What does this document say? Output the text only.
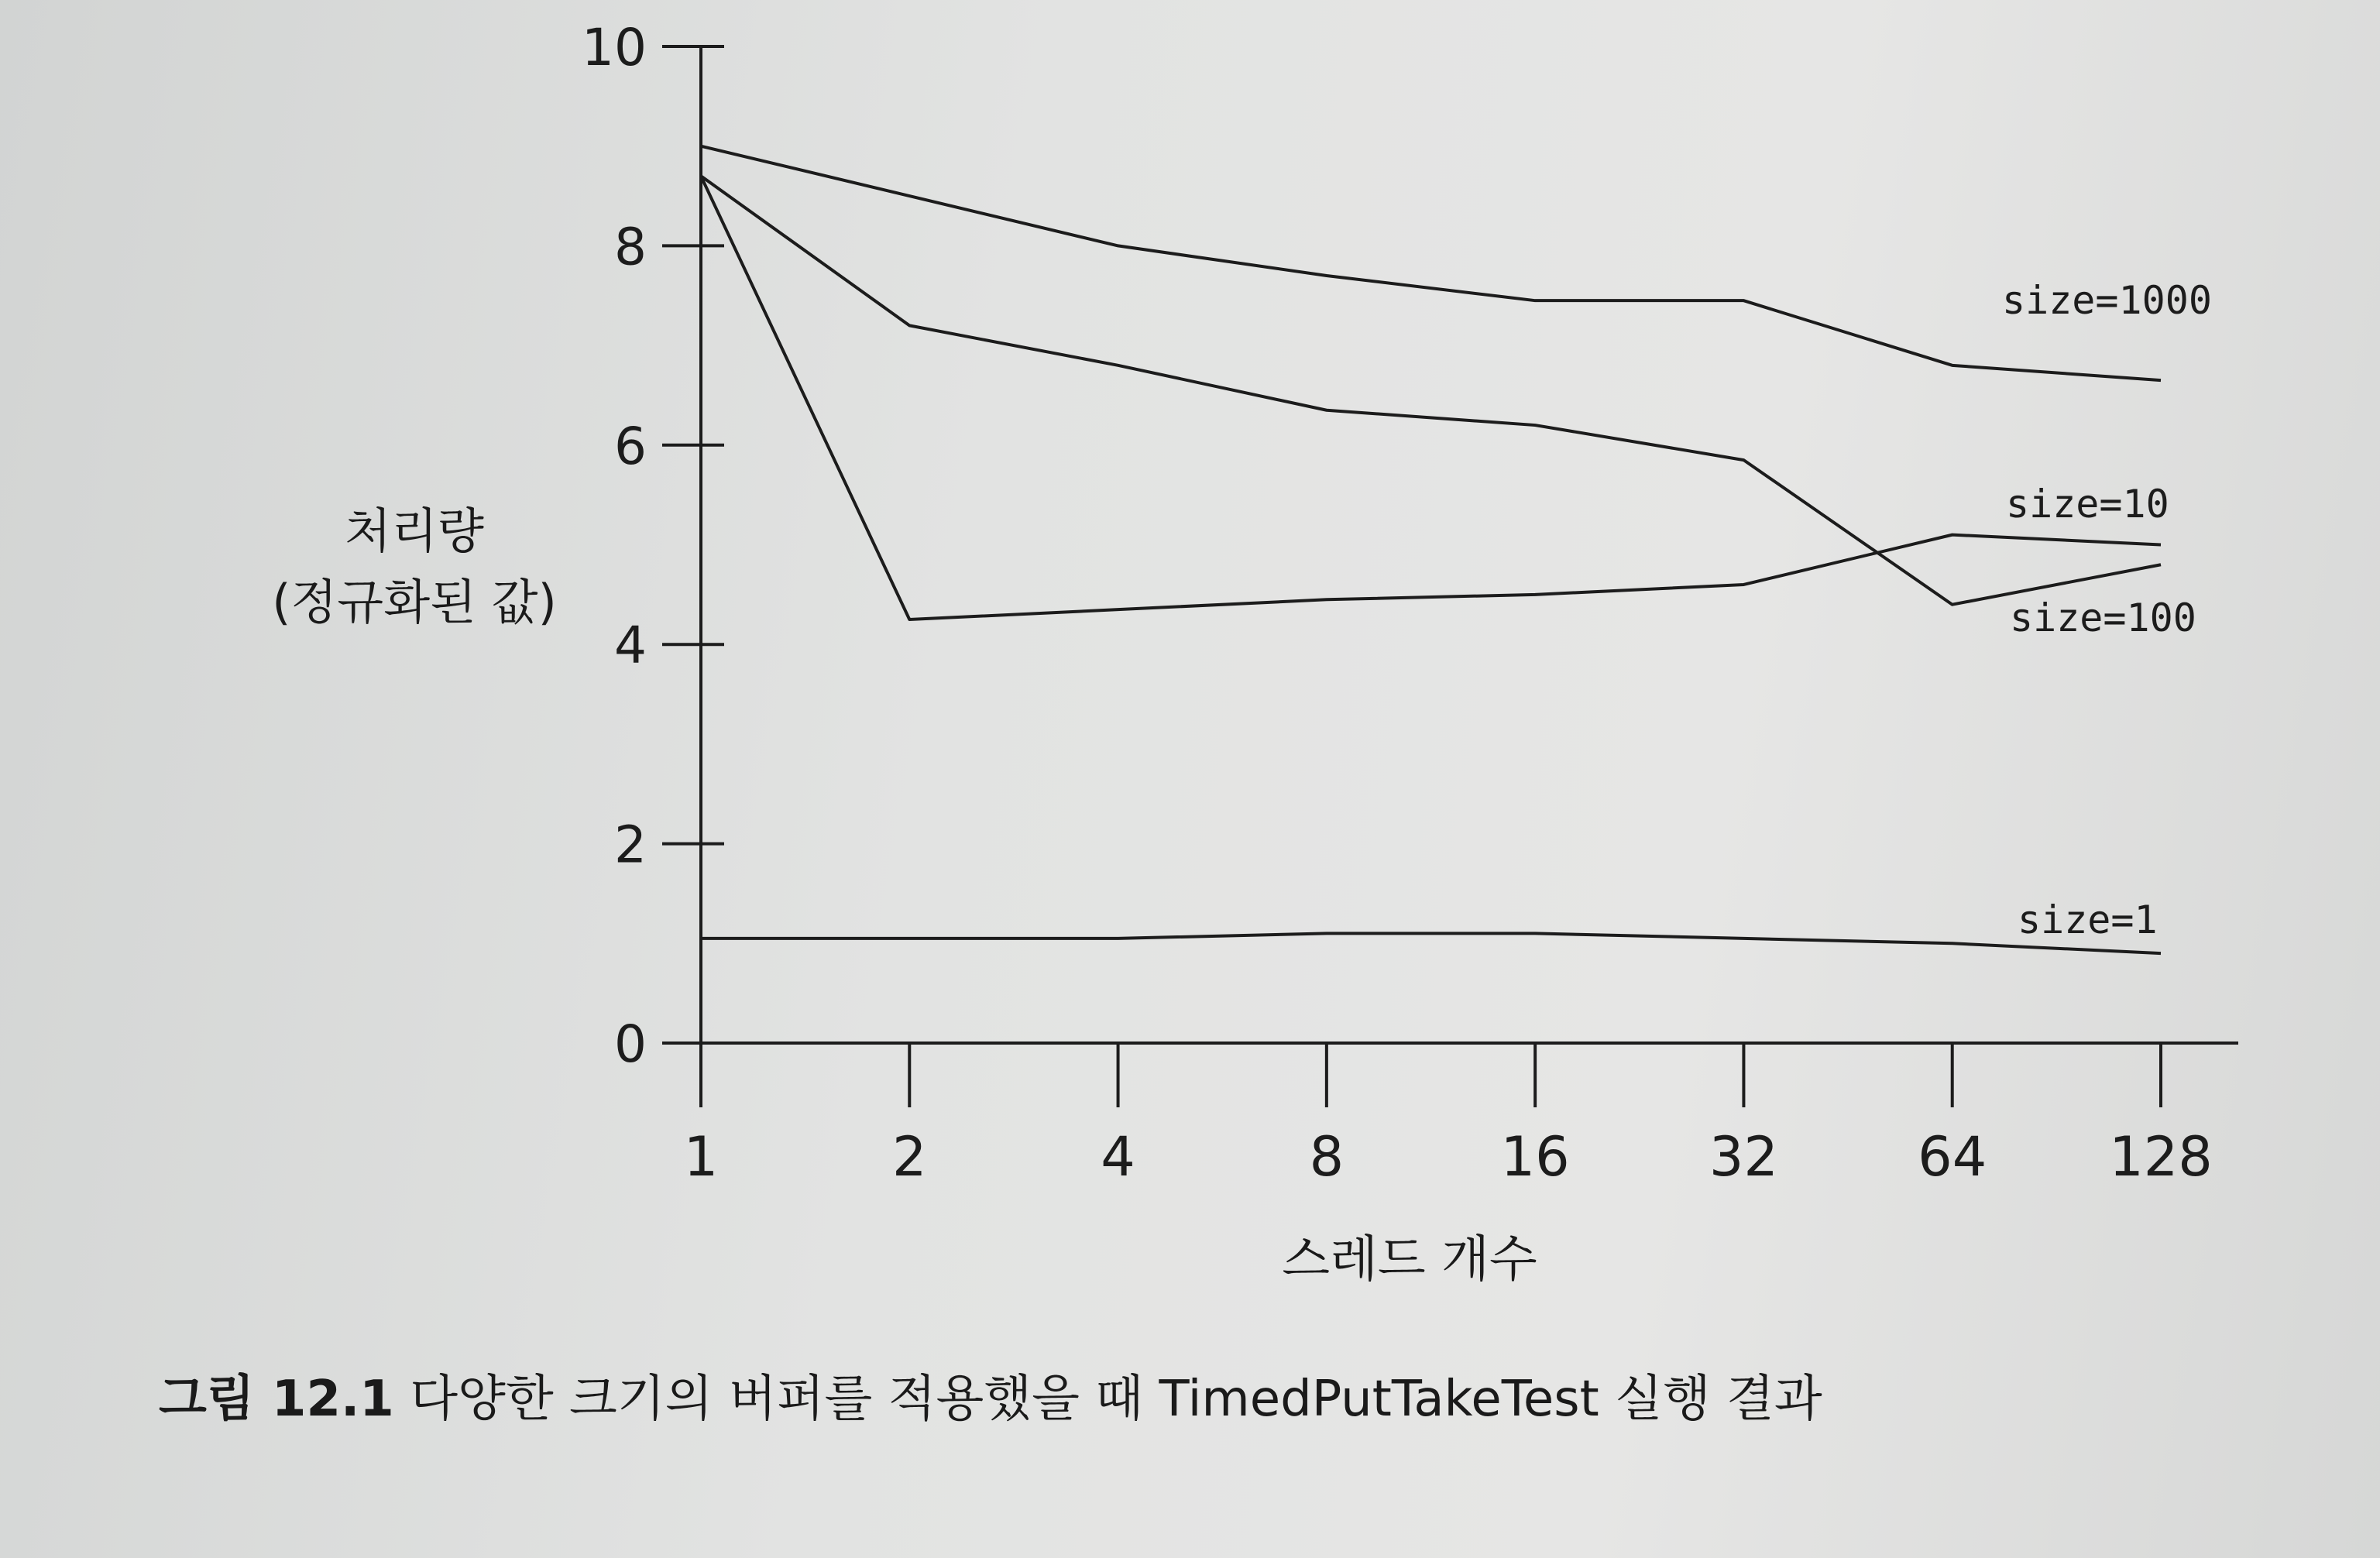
0
2
4
6
8
10
1	2	4	8	16	32	64 128
size=1000
size=10
size=100
size=1
스레드 개수
처리량
(정규화된 값)
그림 12.1 다양한 크기의 버퍼를 적용했을 때 TimedPutTakeTest 실행 결과
